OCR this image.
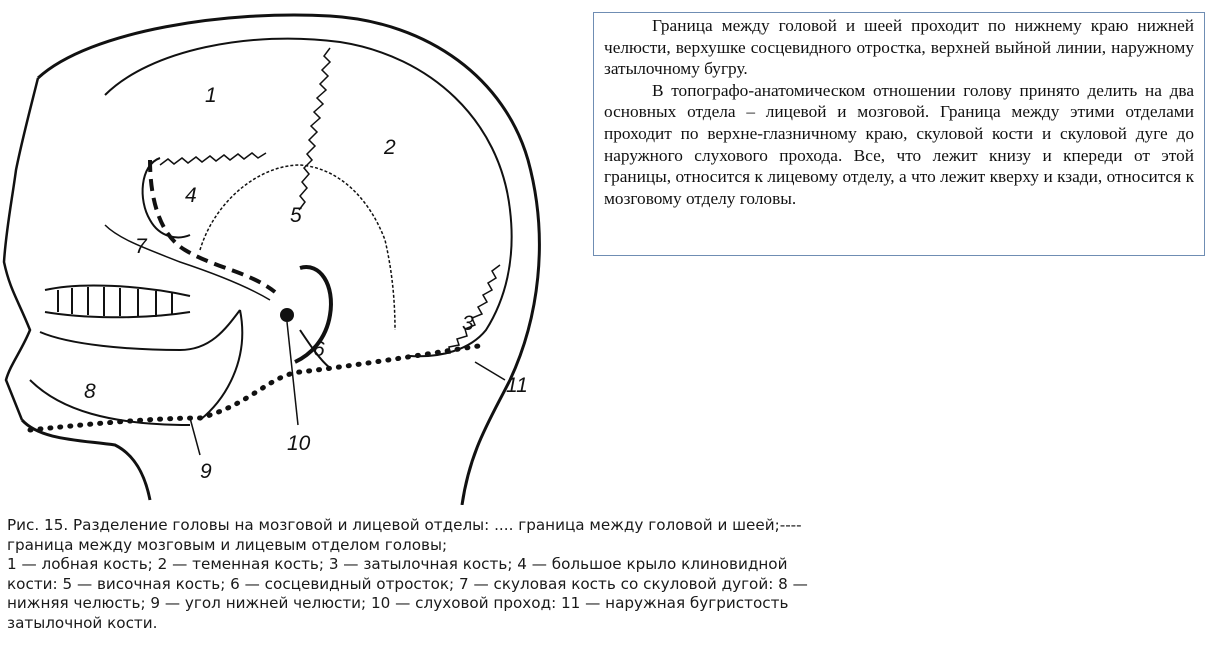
1
2
3
4
5
6
7
8
9
10
11

Граница между головой и шеей проходит по нижнему краю нижней челюсти, верхушке сосцевидного отростка, верхней выйной линии, наружному затылочному бугру.

В топографо-анатомическом отношении голову принято делить на два основных отдела – лицевой и мозговой. Граница между этими отделами проходит по верхне-глазничному краю, скуловой кости и скуловой дуге до наружного слухового прохода. Все, что лежит книзу и кпереди от этой границы, относится к лицевому отделу, а что лежит кверху и кзади, относится к мозговому отделу головы.

Рис. 15. Разделение головы на мозговой и лицевой отделы: .... граница между головой и шеей;----
граница между мозговым и лицевым отделом головы;
1 — лобная кость; 2 — теменная кость; 3 — затылочная кость; 4 — большое крыло клиновидной
кости: 5 — височная кость; 6 — сосцевидный отросток; 7 — скуловая кость со скуловой дугой: 8 —
нижняя челюсть; 9 — угол нижней челюсти; 10 — слуховой проход: 11 — наружная бугристость
затылочной кости.
